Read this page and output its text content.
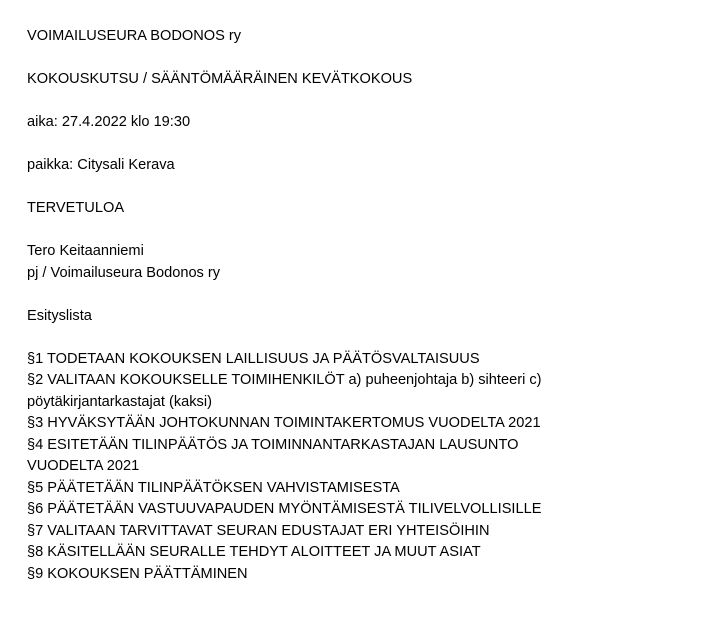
VOIMAILUSEURA BODONOS ry

KOKOUSKUTSU / SÄÄNTÖMÄÄRÄINEN KEVÄTKOKOUS

aika: 27.4.2022 klo 19:30

paikka: Citysali Kerava

TERVETULOA

Tero Keitaanniemi

pj / Voimailuseura Bodonos ry

Esityslista

§1 TODETAAN KOKOUKSEN LAILLISUUS JA PÄÄTÖSVALTAISUUS

§2 VALITAAN KOKOUKSELLE TOIMIHENKILÖT a) puheenjohtaja b) sihteeri c) pöytäkirjantarkastajat (kaksi)

§3 HYVÄKSYTÄÄN JOHTOKUNNAN TOIMINTAKERTOMUS VUODELTA 2021

§4 ESITETÄÄN TILINPÄÄTÖS JA TOIMINNANTARKASTAJAN LAUSUNTO VUODELTA 2021

§5 PÄÄTETÄÄN TILINPÄÄTÖKSEN VAHVISTAMISESTA

§6 PÄÄTETÄÄN VASTUUVAPAUDEN MYÖNTÄMISESTÄ TILIVELVOLLISILLE

§7 VALITAAN TARVITTAVAT SEURAN EDUSTAJAT ERI YHTEISÖIHIN

§8 KÄSITELLÄÄN SEURALLE TEHDYT ALOITTEET JA MUUT ASIAT

§9 KOKOUKSEN PÄÄTTÄMINEN
